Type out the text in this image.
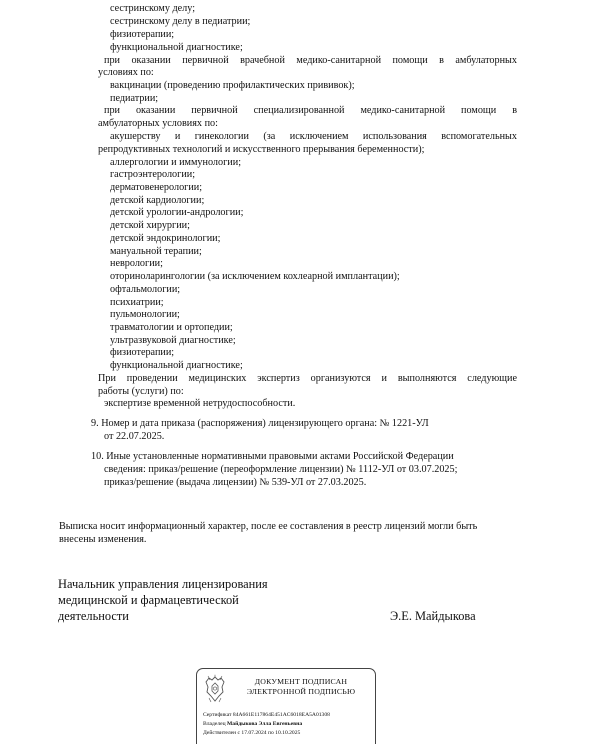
сестринскому делу;
сестринскому делу в педиатрии;
физиотерапии;
функциональной диагностике;
при оказании первичной врачебной медико-санитарной помощи в амбулаторных
условиях по:
вакцинации (проведению профилактических прививок);
педиатрии;
при оказании первичной специализированной медико-санитарной помощи в
амбулаторных условиях по:
акушерству и гинекологии (за исключением использования вспомогательных
репродуктивных технологий и искусственного прерывания беременности);
аллергологии и иммунологии;
гастроэнтерологии;
дерматовенерологии;
детской кардиологии;
детской урологии-андрологии;
детской хирургии;
детской эндокринологии;
мануальной терапии;
неврологии;
оториноларингологии (за исключением кохлеарной имплантации);
офтальмологии;
психиатрии;
пульмонологии;
травматологии и ортопедии;
ультразвуковой диагностике;
физиотерапии;
функциональной диагностике;
При проведении медицинских экспертиз организуются и выполняются следующие
работы (услуги) по:
экспертизе временной нетрудоспособности.
9. Номер и дата приказа (распоряжения) лицензирующего органа: № 1221-УЛ
от 22.07.2025.
10. Иные установленные нормативными правовыми актами Российской Федерации
сведения: приказ/решение (переоформление лицензии) № 1112-УЛ от 03.07.2025;
приказ/решение (выдача лицензии) № 539-УЛ от 27.03.2025.
Выписка носит информационный характер, после ее составления в реестр лицензий могли быть
внесены изменения.
Начальник управления лицензирования
медицинской и фармацевтической
деятельности	Э.Е. Майдыкова
ДОКУМЕНТ ПОДПИСАН
ЭЛЕКТРОННОЙ ПОДПИСЬЮ
Сертификат 84A661E117864E451AC6018EA5A01308
Владелец Майдыкова Элла Евгеньевна
Действителен с 17.07.2024 по 10.10.2025
